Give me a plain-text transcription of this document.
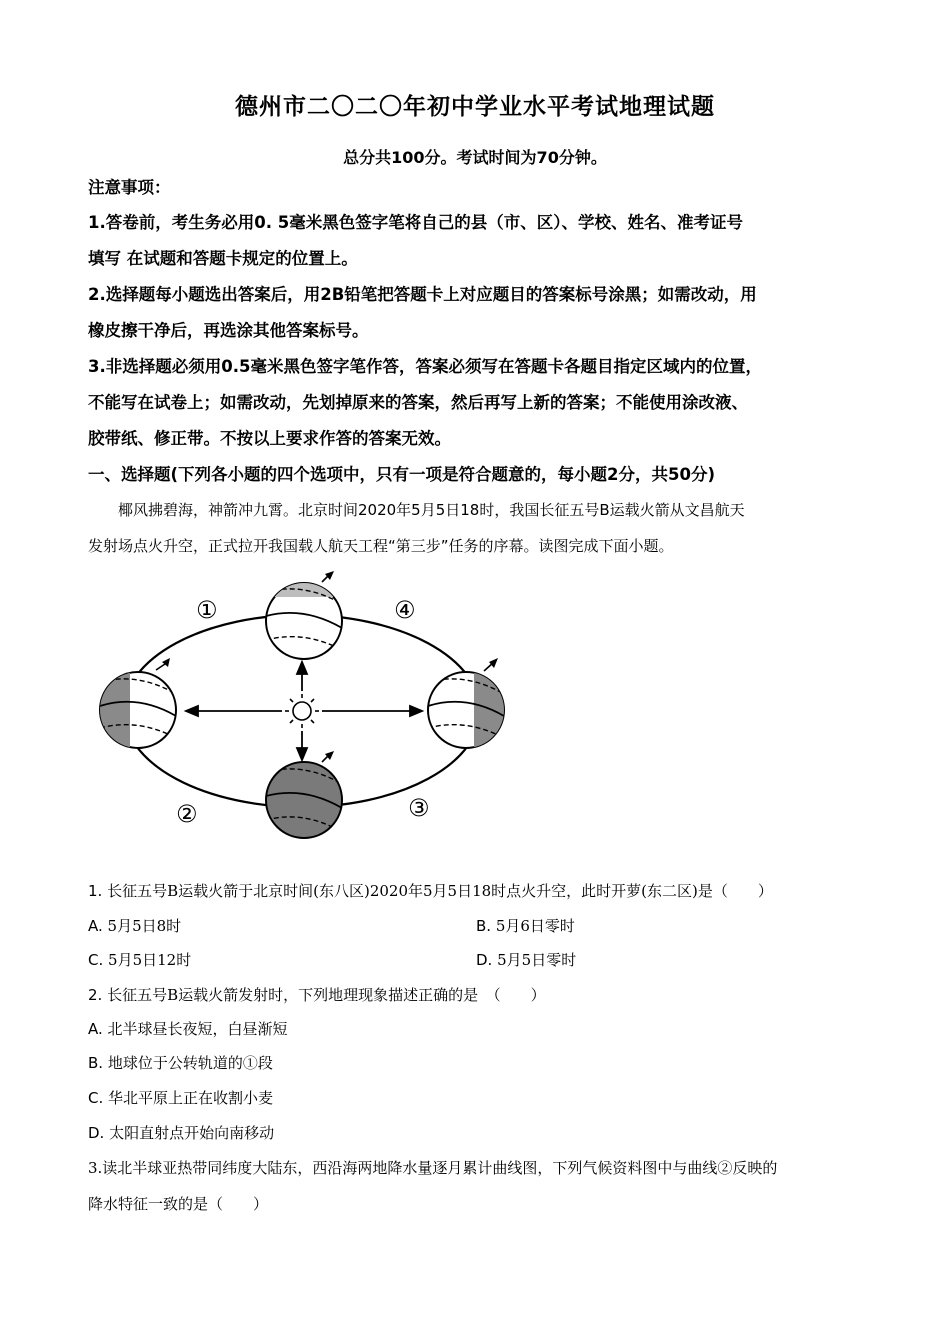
德州市二〇二〇年初中学业水平考试地理试题
总分共100分。考试时间为70分钟。
注意事项：
1.答卷前，考生务必用0. 5毫米黑色签字笔将自己的县（市、区）、学校、姓名、准考证号
填写 在试题和答题卡规定的位置上。
2.选择题每小题选出答案后，用2B铅笔把答题卡上对应题目的答案标号涂黑；如需改动，用
橡皮擦干净后，再选涂其他答案标号。
3.非选择题必须用0.5毫米黑色签字笔作答，答案必须写在答题卡各题目指定区域内的位置，
不能写在试卷上；如需改动，先划掉原来的答案，然后再写上新的答案；不能使用涂改液、
胶带纸、修正带。不按以上要求作答的答案无效。
一、选择题(下列各小题的四个选项中，只有一项是符合题意的，每小题2分，共50分)
椰风拂碧海，神箭冲九霄。北京时间2020年5月5日18时，我国长征五号B运载火箭从文昌航天
发射场点火升空，正式拉开我国载人航天工程“第三步”任务的序幕。读图完成下面小题。
①	④
②	③
1. 长征五号B运载火箭于北京时间(东八区)2020年5月5日18时点火升空，此时开萝(东二区)是（　　）
A. 5月5日8时	B. 5月6日零时
C. 5月5日12时	D. 5月5日零时
2. 长征五号B运载火箭发射时，下列地理现象描述正确的是　（　　）
A. 北半球昼长夜短，白昼渐短
B. 地球位于公转轨道的①段
C. 华北平原上正在收割小麦
D. 太阳直射点开始向南移动
3.读北半球亚热带同纬度大陆东，西沿海两地降水量逐月累计曲线图，下列气候资料图中与曲线②反映的
降水特征一致的是（　　）
